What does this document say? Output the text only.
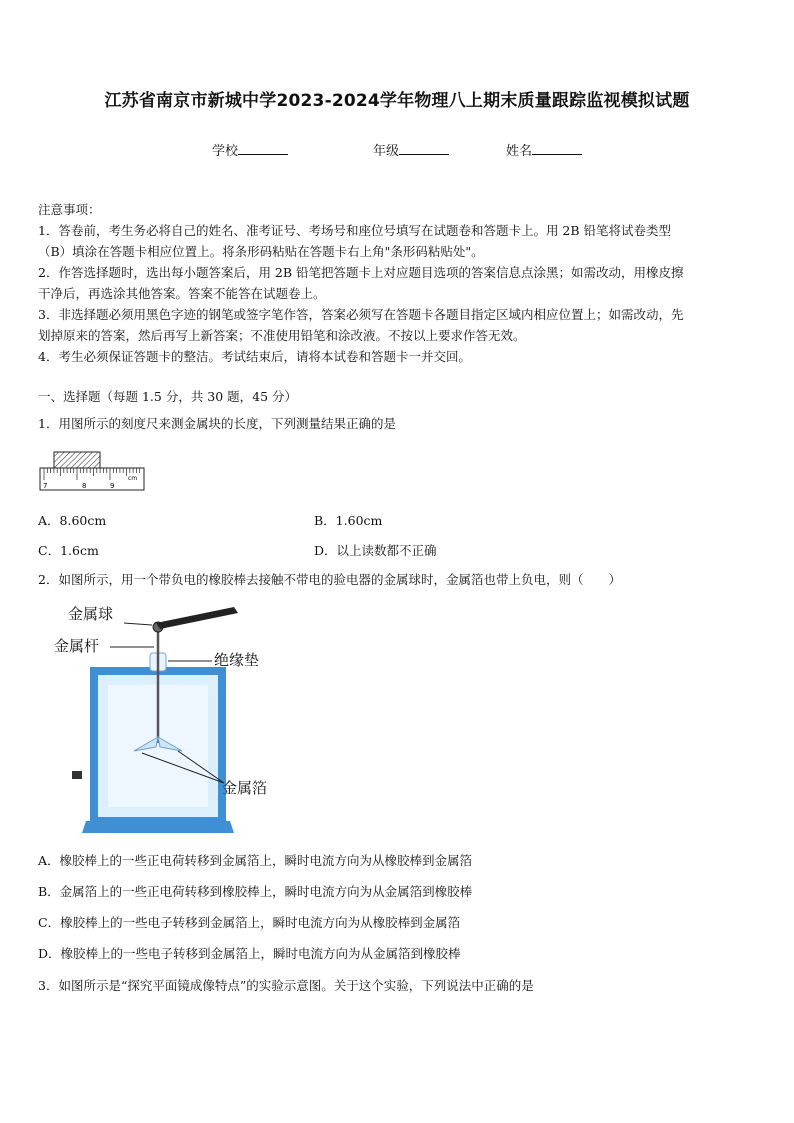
江苏省南京市新城中学2023-2024学年物理八上期末质量跟踪监视模拟试题
学校	年级	姓名
注意事项：
1．答卷前，考生务必将自己的姓名、准考证号、考场号和座位号填写在试题卷和答题卡上。用 2B 铅笔将试卷类型
（B）填涂在答题卡相应位置上。将条形码粘贴在答题卡右上角"条形码粘贴处"。
2．作答选择题时，选出每小题答案后，用 2B 铅笔把答题卡上对应题目选项的答案信息点涂黑；如需改动，用橡皮擦
干净后，再选涂其他答案。答案不能答在试题卷上。
3．非选择题必须用黑色字迹的钢笔或签字笔作答，答案必须写在答题卡各题目指定区域内相应位置上；如需改动，先
划掉原来的答案，然后再写上新答案；不准使用铅笔和涂改液。不按以上要求作答无效。
4．考生必须保证答题卡的整洁。考试结束后，请将本试卷和答题卡一并交回。
一、选择题（每题 1.5 分，共 30 题，45 分）
1．用图所示的刻度尺来测金属块的长度，下列测量结果正确的是
7	8	9
cm
A．8.60cm	B．1.60cm
C．1.6cm	D．以上读数都不正确
2．如图所示，用一个带负电的橡胶棒去接触不带电的验电器的金属球时，金属箔也带上负电，则（　　）
金属球
金属杆
绝缘垫
金属箔
A．橡胶棒上的一些正电荷转移到金属箔上，瞬时电流方向为从橡胶棒到金属箔
B．金属箔上的一些正电荷转移到橡胶棒上，瞬时电流方向为从金属箔到橡胶棒
C．橡胶棒上的一些电子转移到金属箔上，瞬时电流方向为从橡胶棒到金属箔
D．橡胶棒上的一些电子转移到金属箔上，瞬时电流方向为从金属箔到橡胶棒
3．如图所示是“探究平面镜成像特点”的实验示意图。关于这个实验，下列说法中正确的是
